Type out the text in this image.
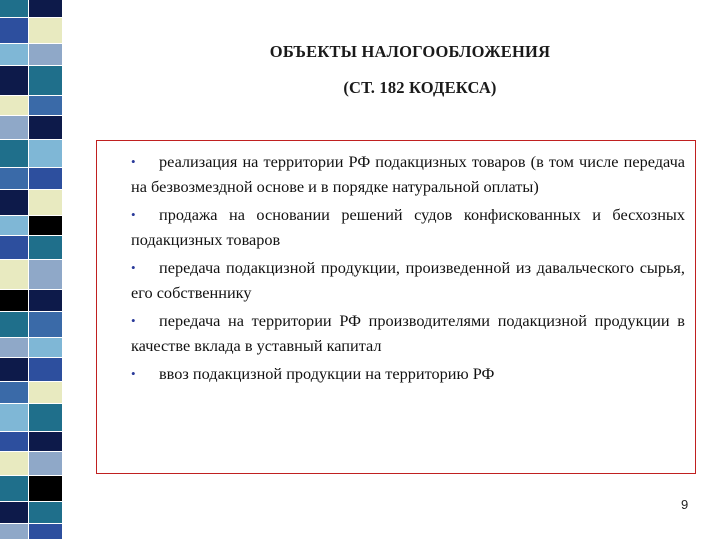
ОБЪЕКТЫ НАЛОГООБЛОЖЕНИЯ
(СТ. 182 КОДЕКСА)
• реализация на территории РФ подакцизных товаров (в том числе передача на безвозмездной основе и в порядке натуральной оплаты)
• продажа на основании решений судов конфискованных и бесхозных подакцизных товаров
• передача подакцизной продукции, произведенной из давальческого сырья, его собственнику
• передача на территории РФ производителями подакцизной продукции в качестве вклада в уставный капитал
• ввоз подакцизной продукции на территорию РФ
9
